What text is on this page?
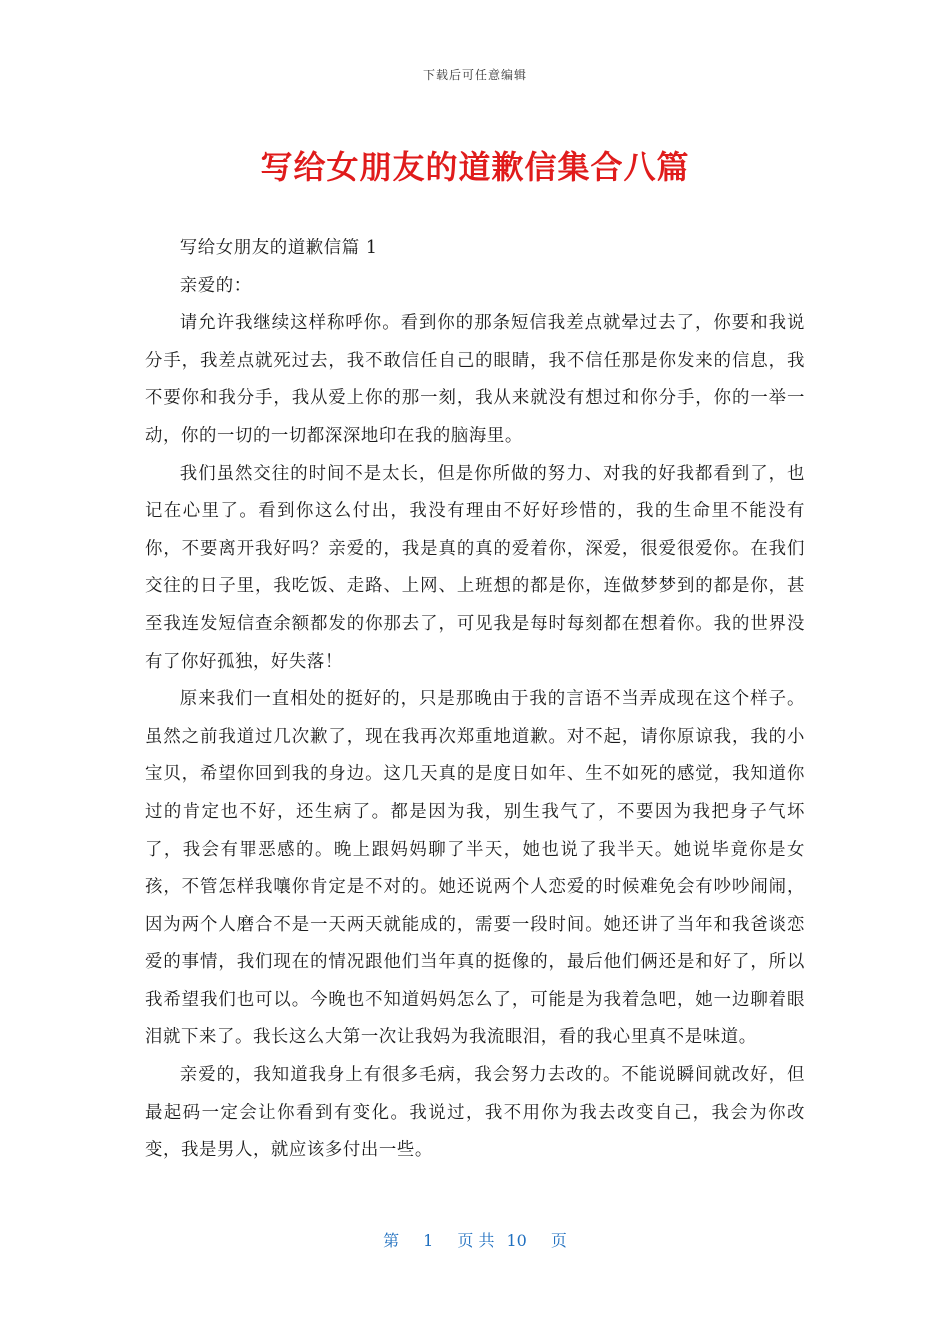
下载后可任意编辑
写给女朋友的道歉信集合八篇

写给女朋友的道歉信篇 1

亲爱的：

请允许我继续这样称呼你。看到你的那条短信我差点就晕过去了，你要和我说分手，我差点就死过去，我不敢信任自己的眼睛，我不信任那是你发来的信息，我不要你和我分手，我从爱上你的那一刻，我从来就没有想过和你分手，你的一举一动，你的一切的一切都深深地印在我的脑海里。

我们虽然交往的时间不是太长，但是你所做的努力、对我的好我都看到了，也记在心里了。看到你这么付出，我没有理由不好好珍惜的，我的生命里不能没有你，不要离开我好吗？亲爱的，我是真的真的爱着你，深爱，很爱很爱你。在我们交往的日子里，我吃饭、走路、上网、上班想的都是你，连做梦梦到的都是你，甚至我连发短信查余额都发的你那去了，可见我是每时每刻都在想着你。我的世界没有了你好孤独，好失落！

原来我们一直相处的挺好的，只是那晚由于我的言语不当弄成现在这个样子。虽然之前我道过几次歉了，现在我再次郑重地道歉。对不起，请你原谅我，我的小宝贝，希望你回到我的身边。这几天真的是度日如年、生不如死的感觉，我知道你过的肯定也不好，还生病了。都是因为我，别生我气了，不要因为我把身子气坏了，我会有罪恶感的。晚上跟妈妈聊了半天，她也说了我半天。她说毕竟你是女孩，不管怎样我嚷你肯定是不对的。她还说两个人恋爱的时候难免会有吵吵闹闹，因为两个人磨合不是一天两天就能成的，需要一段时间。她还讲了当年和我爸谈恋爱的事情，我们现在的情况跟他们当年真的挺像的，最后他们俩还是和好了，所以我希望我们也可以。今晚也不知道妈妈怎么了，可能是为我着急吧，她一边聊着眼泪就下来了。我长这么大第一次让我妈为我流眼泪，看的我心里真不是味道。

亲爱的，我知道我身上有很多毛病，我会努力去改的。不能说瞬间就改好，但最起码一定会让你看到有变化。我说过，我不用你为我去改变自己，我会为你改变，我是男人，就应该多付出一些。

第 1 页 共 10 页
